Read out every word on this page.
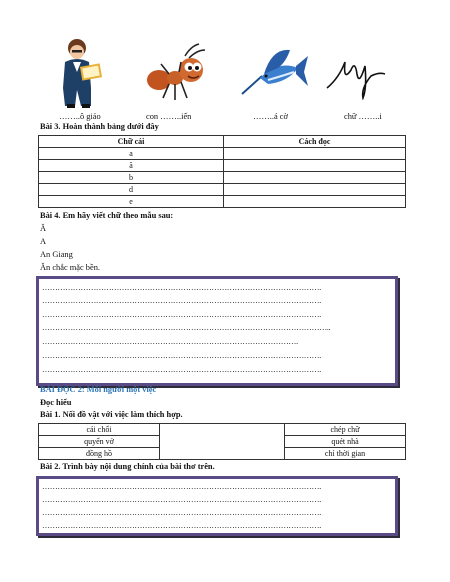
……..ô giáo	con ……..iến	……..á cờ	chữ ……..i
Bài 3. Hoàn thành bảng dưới đây
Chữ cái	Cách đọc
a	
ă	
b	
d	
e	
Bài 4. Em hãy viết chữ theo mẫu sau:
Ă
A
An Giang
Ăn chắc mặc bền.
……………………………………………………………………………………………….
……………………………………………………………………………………………….
……………………………………………………………………………………………….
…………………………………………………………………………………………………..
……………………………………………………………………………………….
……………………………………………………………………………………………….
……………………………………………………………………………………………….
BÀI ĐỌC 2: Mỗi người một việc
Đọc hiểu
Bài 1. Nối đồ vật với việc làm thích hợp.
cái chổi		chép chữ
quyển vở		quét nhà
đồng hồ		chỉ thời gian
Bài 2. Trình bày nội dung chính của bài thơ trên.
……………………………………………………………………………………………….
……………………………………………………………………………………………….
……………………………………………………………………………………………….
……………………………………………………………………………………………….
